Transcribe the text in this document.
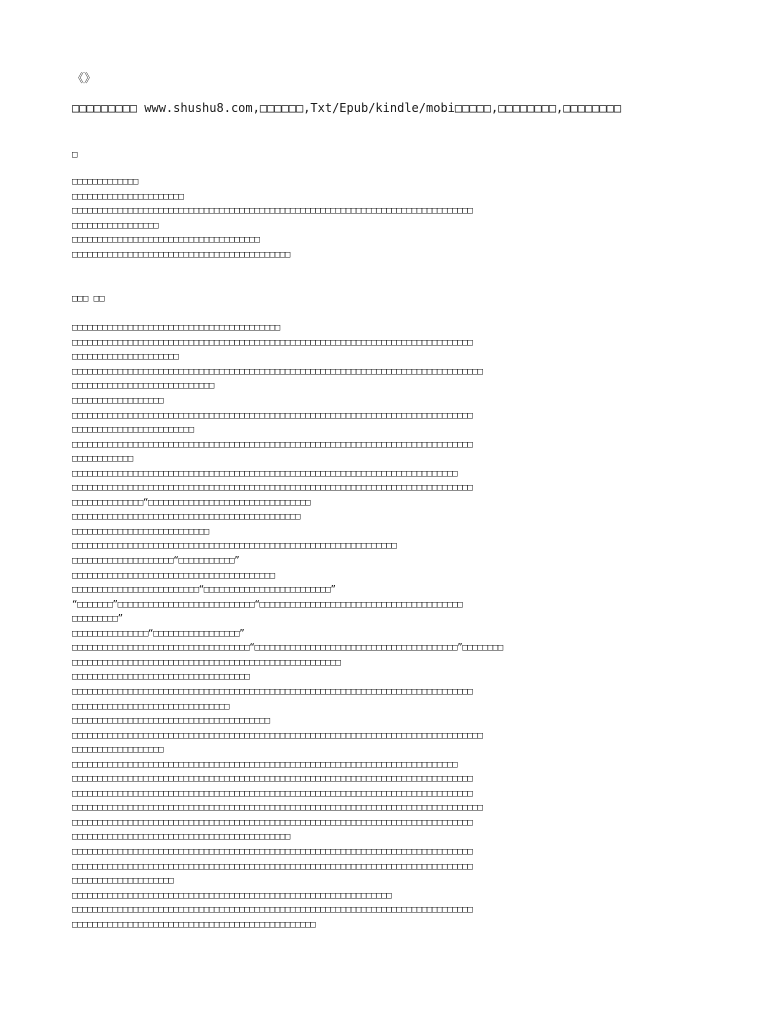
《》
□□□□□□□□□ www.shushu8.com,□□□□□□,Txt/Epub/kindle/mobi□□□□□,□□□□□□□□,□□□□□□□□
□
□□□□□□□□□□□□□
□□□□□□□□□□□□□□□□□□□□□□
□□□□□□□□□□□□□□□□□□□□□□□□□□□□□□□□□□□□□□□□□□□□□□□□□□□□□□□□□□□□□□□□□□□□□□□□□□□□□□□
□□□□□□□□□□□□□□□□□
□□□□□□□□□□□□□□□□□□□□□□□□□□□□□□□□□□□□□
□□□□□□□□□□□□□□□□□□□□□□□□□□□□□□□□□□□□□□□□□□□
□□□ □□
□□□□□□□□□□□□□□□□□□□□□□□□□□□□□□□□□□□□□□□□□
□□□□□□□□□□□□□□□□□□□□□□□□□□□□□□□□□□□□□□□□□□□□□□□□□□□□□□□□□□□□□□□□□□□□□□□□□□□□□□□
□□□□□□□□□□□□□□□□□□□□□
□□□□□□□□□□□□□□□□□□□□□□□□□□□□□□□□□□□□□□□□□□□□□□□□□□□□□□□□□□□□□□□□□□□□□□□□□□□□□□□□□
□□□□□□□□□□□□□□□□□□□□□□□□□□□□
□□□□□□□□□□□□□□□□□□
□□□□□□□□□□□□□□□□□□□□□□□□□□□□□□□□□□□□□□□□□□□□□□□□□□□□□□□□□□□□□□□□□□□□□□□□□□□□□□□
□□□□□□□□□□□□□□□□□□□□□□□□
□□□□□□□□□□□□□□□□□□□□□□□□□□□□□□□□□□□□□□□□□□□□□□□□□□□□□□□□□□□□□□□□□□□□□□□□□□□□□□□
□□□□□□□□□□□□
□□□□□□□□□□□□□□□□□□□□□□□□□□□□□□□□□□□□□□□□□□□□□□□□□□□□□□□□□□□□□□□□□□□□□□□□□□□□
□□□□□□□□□□□□□□□□□□□□□□□□□□□□□□□□□□□□□□□□□□□□□□□□□□□□□□□□□□□□□□□□□□□□□□□□□□□□□□□
□□□□□□□□□□□□□□“□□□□□□□□□□□□□□□□□□□□□□□□□□□□□□□□
□□□□□□□□□□□□□□□□□□□□□□□□□□□□□□□□□□□□□□□□□□□□□
□□□□□□□□□□□□□□□□□□□□□□□□□□□
□□□□□□□□□□□□□□□□□□□□□□□□□□□□□□□□□□□□□□□□□□□□□□□□□□□□□□□□□□□□□□□□
□□□□□□□□□□□□□□□□□□□□“□□□□□□□□□□□”
□□□□□□□□□□□□□□□□□□□□□□□□□□□□□□□□□□□□□□□□
□□□□□□□□□□□□□□□□□□□□□□□□□“□□□□□□□□□□□□□□□□□□□□□□□□□”
“□□□□□□□”□□□□□□□□□□□□□□□□□□□□□□□□□□□“□□□□□□□□□□□□□□□□□□□□□□□□□□□□□□□□□□□□□□□□
□□□□□□□□□”
□□□□□□□□□□□□□□□“□□□□□□□□□□□□□□□□□”
□□□□□□□□□□□□□□□□□□□□□□□□□□□□□□□□□□□“□□□□□□□□□□□□□□□□□□□□□□□□□□□□□□□□□□□□□□□□”□□□□□□□□
□□□□□□□□□□□□□□□□□□□□□□□□□□□□□□□□□□□□□□□□□□□□□□□□□□□□□
□□□□□□□□□□□□□□□□□□□□□□□□□□□□□□□□□□□
□□□□□□□□□□□□□□□□□□□□□□□□□□□□□□□□□□□□□□□□□□□□□□□□□□□□□□□□□□□□□□□□□□□□□□□□□□□□□□□
□□□□□□□□□□□□□□□□□□□□□□□□□□□□□□□
□□□□□□□□□□□□□□□□□□□□□□□□□□□□□□□□□□□□□□□
□□□□□□□□□□□□□□□□□□□□□□□□□□□□□□□□□□□□□□□□□□□□□□□□□□□□□□□□□□□□□□□□□□□□□□□□□□□□□□□□□
□□□□□□□□□□□□□□□□□□
□□□□□□□□□□□□□□□□□□□□□□□□□□□□□□□□□□□□□□□□□□□□□□□□□□□□□□□□□□□□□□□□□□□□□□□□□□□□
□□□□□□□□□□□□□□□□□□□□□□□□□□□□□□□□□□□□□□□□□□□□□□□□□□□□□□□□□□□□□□□□□□□□□□□□□□□□□□□
□□□□□□□□□□□□□□□□□□□□□□□□□□□□□□□□□□□□□□□□□□□□□□□□□□□□□□□□□□□□□□□□□□□□□□□□□□□□□□□
□□□□□□□□□□□□□□□□□□□□□□□□□□□□□□□□□□□□□□□□□□□□□□□□□□□□□□□□□□□□□□□□□□□□□□□□□□□□□□□□□
□□□□□□□□□□□□□□□□□□□□□□□□□□□□□□□□□□□□□□□□□□□□□□□□□□□□□□□□□□□□□□□□□□□□□□□□□□□□□□□
□□□□□□□□□□□□□□□□□□□□□□□□□□□□□□□□□□□□□□□□□□□
□□□□□□□□□□□□□□□□□□□□□□□□□□□□□□□□□□□□□□□□□□□□□□□□□□□□□□□□□□□□□□□□□□□□□□□□□□□□□□□
□□□□□□□□□□□□□□□□□□□□□□□□□□□□□□□□□□□□□□□□□□□□□□□□□□□□□□□□□□□□□□□□□□□□□□□□□□□□□□□
□□□□□□□□□□□□□□□□□□□□
□□□□□□□□□□□□□□□□□□□□□□□□□□□□□□□□□□□□□□□□□□□□□□□□□□□□□□□□□□□□□□□
□□□□□□□□□□□□□□□□□□□□□□□□□□□□□□□□□□□□□□□□□□□□□□□□□□□□□□□□□□□□□□□□□□□□□□□□□□□□□□□
□□□□□□□□□□□□□□□□□□□□□□□□□□□□□□□□□□□□□□□□□□□□□□□□
